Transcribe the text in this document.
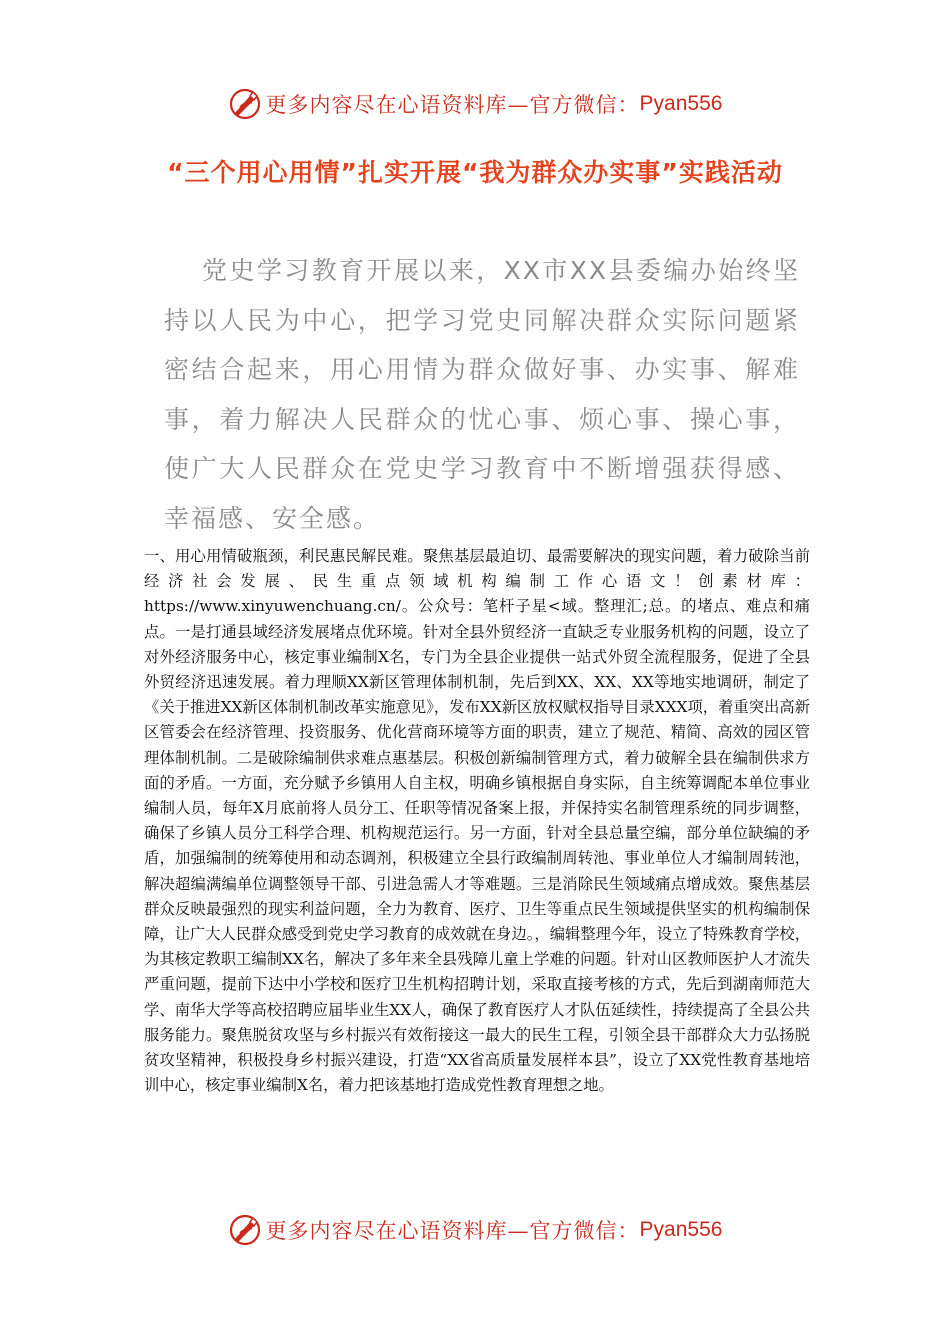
更多内容尽在心语资料库—官方微信： Pyan556
“三个用心用情”扎实开展“我为群众办实事”实践活动

党史学习教育开展以来，XX市XX县委编办始终坚持以人民为中心，把学习党史同解决群众实际问题紧密结合起来，用心用情为群众做好事、办实事、解难事，着力解决人民群众的忧心事、烦心事、操心事，使广大人民群众在党史学习教育中不断增强获得感、幸福感、安全感。

一、用心用情破瓶颈，利民惠民解民难。聚焦基层最迫切、最需要解决的现实问题，着力破除当前经济社会发展、民生重点领域机构编制工作心语文！创素材库：https://www.xinyuwenchuang.cn/。公众号：笔杆子星<域。整理汇;总。的堵点、难点和痛点。一是打通县域经济发展堵点优环境。针对全县外贸经济一直缺乏专业服务机构的问题，设立了对外经济服务中心，核定事业编制X名，专门为全县企业提供一站式外贸全流程服务，促进了全县外贸经济迅速发展。着力理顺XX新区管理体制机制，先后到XX、XX、XX等地实地调研，制定了《关于推进XX新区体制机制改革实施意见》，发布XX新区放权赋权指导目录XXX项，着重突出高新区管委会在经济管理、投资服务、优化营商环境等方面的职责，建立了规范、精简、高效的园区管理体制机制。二是破除编制供求难点惠基层。积极创新编制管理方式，着力破解全县在编制供求方面的矛盾。一方面，充分赋予乡镇用人自主权，明确乡镇根据自身实际，自主统筹调配本单位事业编制人员，每年X月底前将人员分工、任职等情况备案上报，并保持实名制管理系统的同步调整，确保了乡镇人员分工科学合理、机构规范运行。另一方面，针对全县总量空编，部分单位缺编的矛盾，加强编制的统筹使用和动态调剂，积极建立全县行政编制周转池、事业单位人才编制周转池，解决超编满编单位调整领导干部、引进急需人才等难题。三是消除民生领域痛点增成效。聚焦基层群众反映最强烈的现实利益问题，全力为教育、医疗、卫生等重点民生领域提供坚实的机构编制保障，让广大人民群众感受到党史学习教育的成效就在身边。，编辑整理今年，设立了特殊教育学校，为其核定教职工编制XX名，解决了多年来全县残障儿童上学难的问题。针对山区教师医护人才流失严重问题，提前下达中小学校和医疗卫生机构招聘计划，采取直接考核的方式，先后到湖南师范大学、南华大学等高校招聘应届毕业生XX人，确保了教育医疗人才队伍延续性，持续提高了全县公共服务能力。聚焦脱贫攻坚与乡村振兴有效衔接这一最大的民生工程，引领全县干部群众大力弘扬脱贫攻坚精神，积极投身乡村振兴建设，打造“XX省高质量发展样本县”，设立了XX党性教育基地培训中心，核定事业编制X名，着力把该基地打造成党性教育理想之地。

更多内容尽在心语资料库—官方微信： Pyan556
